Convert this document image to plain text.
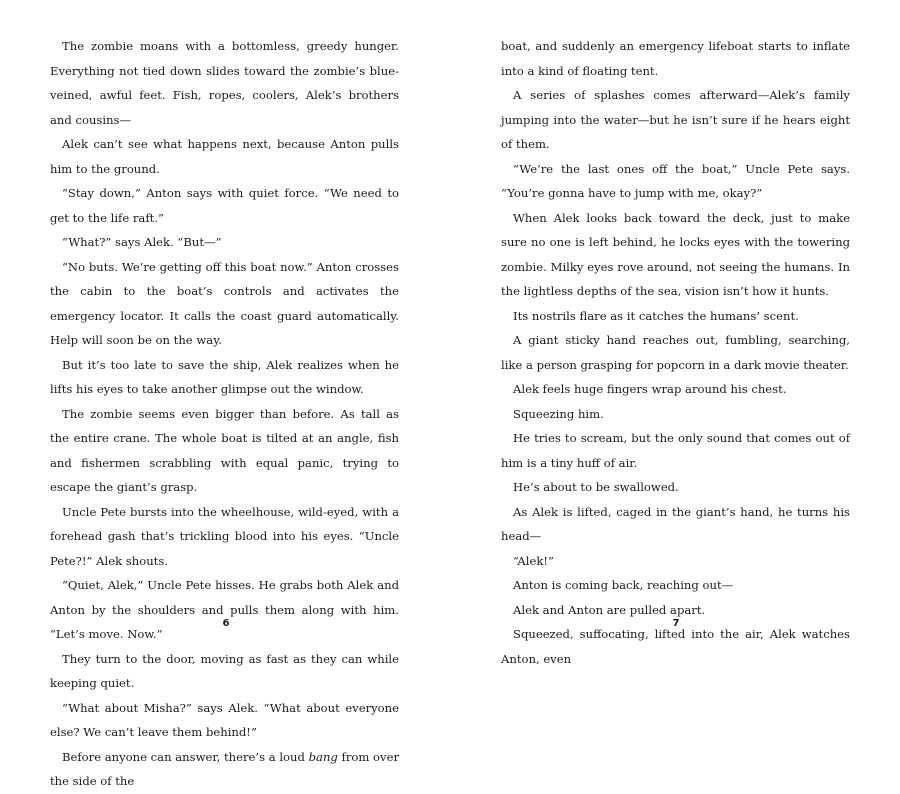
The zombie moans with a bottomless, greedy hunger. Everything not tied down slides toward the zombie’s blue-veined, awful feet. Fish, ropes, coolers, Alek’s brothers and cousins—

Alek can’t see what happens next, because Anton pulls him to the ground.

“Stay down,” Anton says with quiet force. “We need to get to the life raft.”

“What?” says Alek. “But—”

“No buts. We’re getting off this boat now.” Anton crosses the cabin to the boat’s controls and activates the emergency locator. It calls the coast guard automatically. Help will soon be on the way.

But it’s too late to save the ship, Alek realizes when he lifts his eyes to take another glimpse out the window.

The zombie seems even bigger than before. As tall as the entire crane. The whole boat is tilted at an angle, fish and fishermen scrabbling with equal panic, trying to escape the giant’s grasp.

Uncle Pete bursts into the wheelhouse, wild-eyed, with a forehead gash that’s trickling blood into his eyes. “Uncle Pete?!” Alek shouts.

“Quiet, Alek,” Uncle Pete hisses. He grabs both Alek and Anton by the shoulders and pulls them along with him. “Let’s move. Now.”

They turn to the door, moving as fast as they can while keeping quiet.

“What about Misha?” says Alek. “What about everyone else? We can’t leave them behind!”

Before anyone can answer, there’s a loud bang from over the side of the

6

boat, and suddenly an emergency lifeboat starts to inflate into a kind of floating tent.

A series of splashes comes afterward—Alek’s family jumping into the water—but he isn’t sure if he hears eight of them.

“We’re the last ones off the boat,” Uncle Pete says. “You’re gonna have to jump with me, okay?”

When Alek looks back toward the deck, just to make sure no one is left behind, he locks eyes with the towering zombie. Milky eyes rove around, not seeing the humans. In the lightless depths of the sea, vision isn’t how it hunts.

Its nostrils flare as it catches the humans’ scent.

A giant sticky hand reaches out, fumbling, searching, like a person grasping for popcorn in a dark movie theater.

Alek feels huge fingers wrap around his chest.

Squeezing him.

He tries to scream, but the only sound that comes out of him is a tiny huff of air.

He’s about to be swallowed.

As Alek is lifted, caged in the giant’s hand, he turns his head—

“Alek!”

Anton is coming back, reaching out—

Alek and Anton are pulled apart.

Squeezed, suffocating, lifted into the air, Alek watches Anton, even

7
